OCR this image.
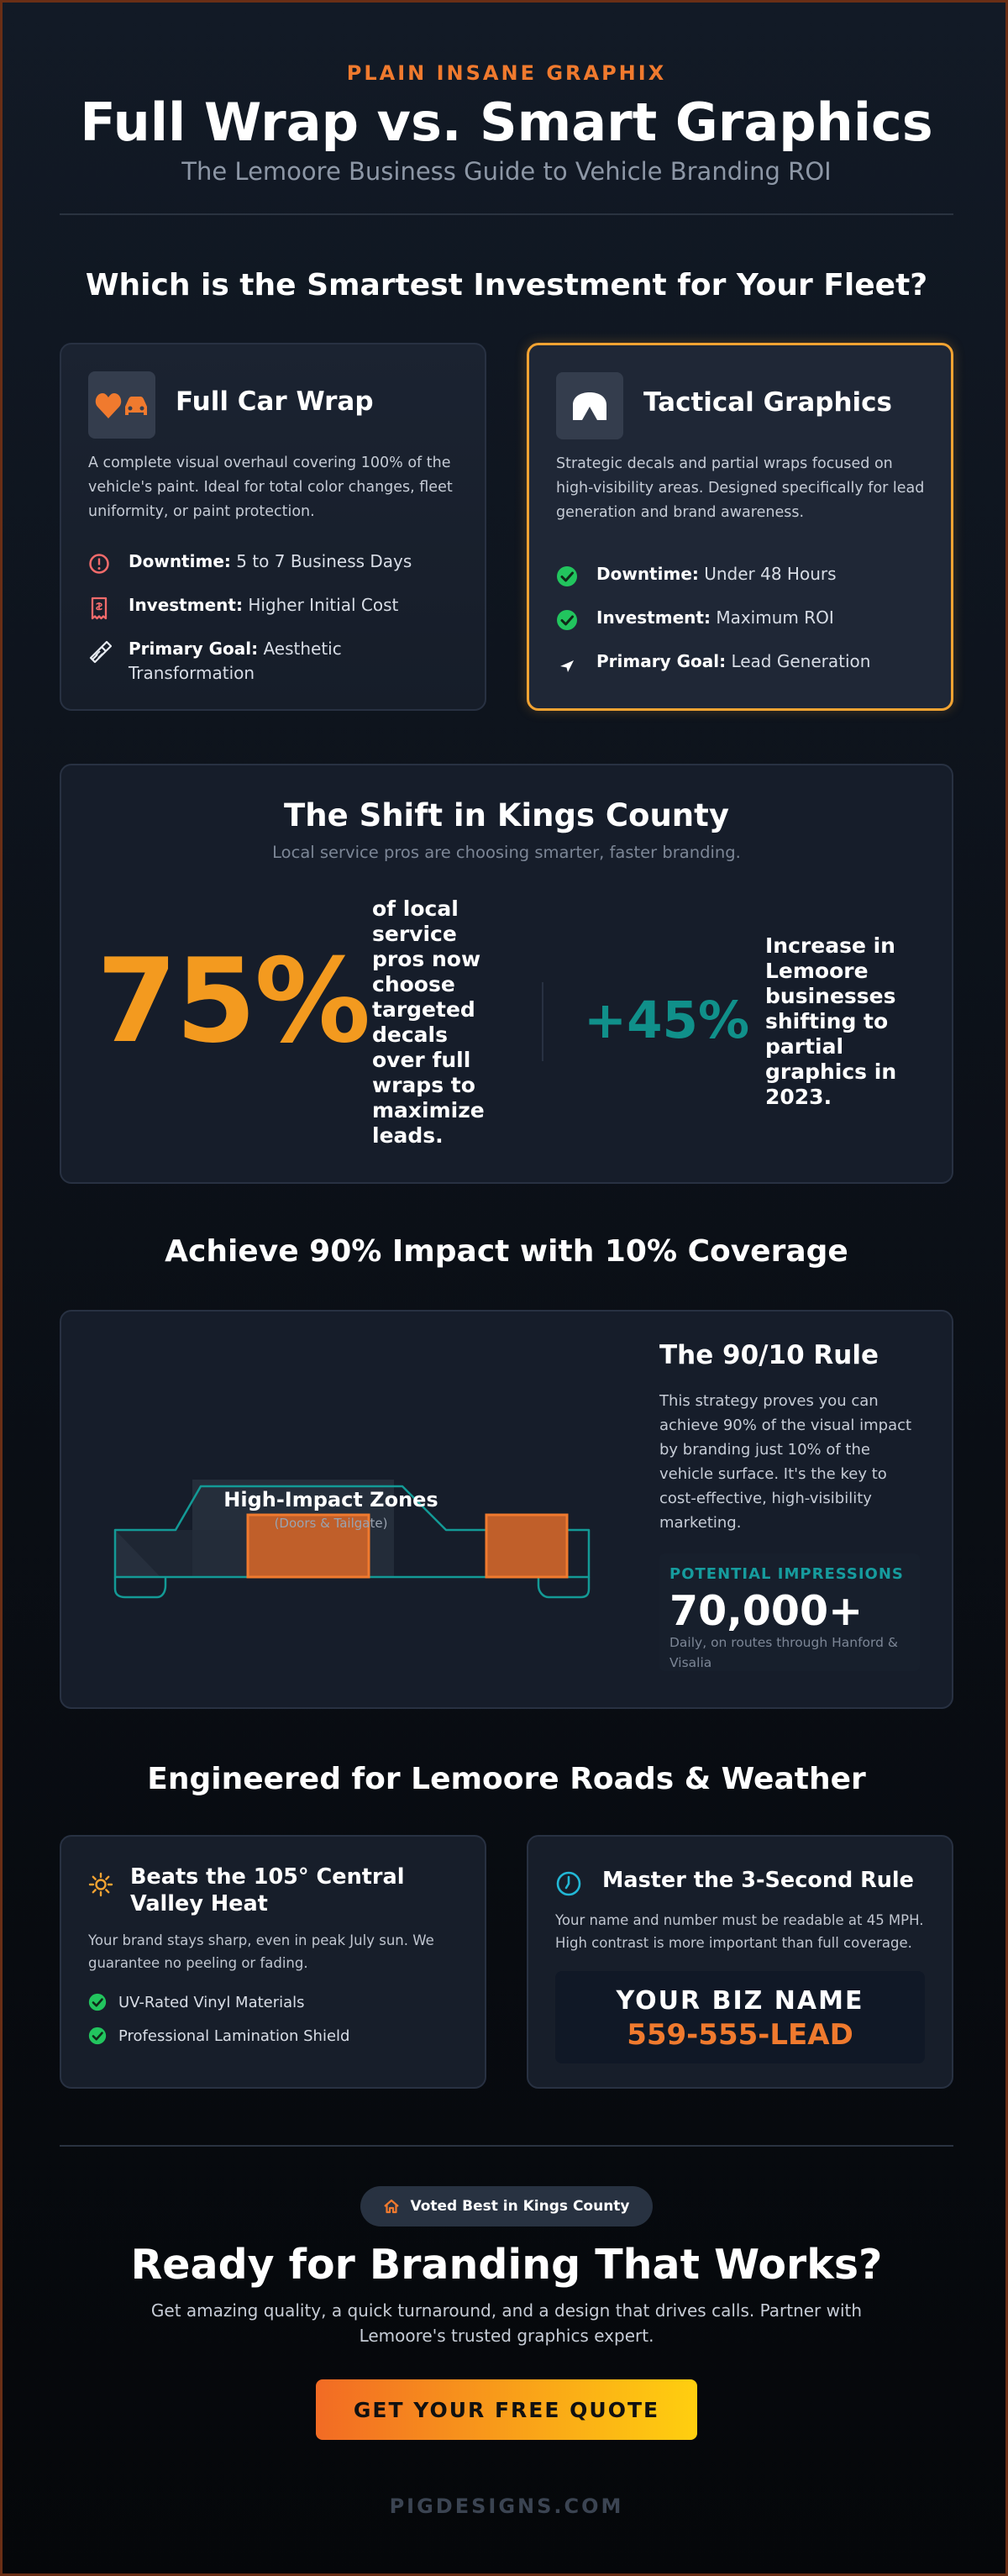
PLAIN INSANE GRAPHIX
Full Wrap vs. Smart Graphics
The Lemoore Business Guide to Vehicle Branding ROI
Which is the Smartest Investment for Your Fleet?
Full Car Wrap
A complete visual overhaul covering 100% of the vehicle's paint. Ideal for total color changes, fleet uniformity, or paint protection.
Downtime: 5 to 7 Business Days
Investment: Higher Initial Cost
Primary Goal: Aesthetic Transformation
Tactical Graphics
Strategic decals and partial wraps focused on high-visibility areas. Designed specifically for lead generation and brand awareness.
Downtime: Under 48 Hours
Investment: Maximum ROI
Primary Goal: Lead Generation
The Shift in Kings County
Local service pros are choosing smarter, faster branding.
75%
of local service pros now choose targeted decals over full wraps to maximize leads.
+45%
Increase in Lemoore businesses shifting to partial graphics in 2023.
Achieve 90% Impact with 10% Coverage
High-Impact Zones
(Doors & Tailgate)
The 90/10 Rule
This strategy proves you can achieve 90% of the visual impact by branding just 10% of the vehicle surface. It's the key to cost-effective, high-visibility marketing.
POTENTIAL IMPRESSIONS
70,000+
Daily, on routes through Hanford & Visalia
Engineered for Lemoore Roads & Weather
Beats the 105° Central Valley Heat
Your brand stays sharp, even in peak July sun. We guarantee no peeling or fading.
UV-Rated Vinyl Materials
Professional Lamination Shield
Master the 3-Second Rule
Your name and number must be readable at 45 MPH. High contrast is more important than full coverage.
YOUR BIZ NAME
559-555-LEAD
Voted Best in Kings County
Ready for Branding That Works?
Get amazing quality, a quick turnaround, and a design that drives calls. Partner with Lemoore's trusted graphics expert.
GET YOUR FREE QUOTE
PIGDESIGNS.COM
